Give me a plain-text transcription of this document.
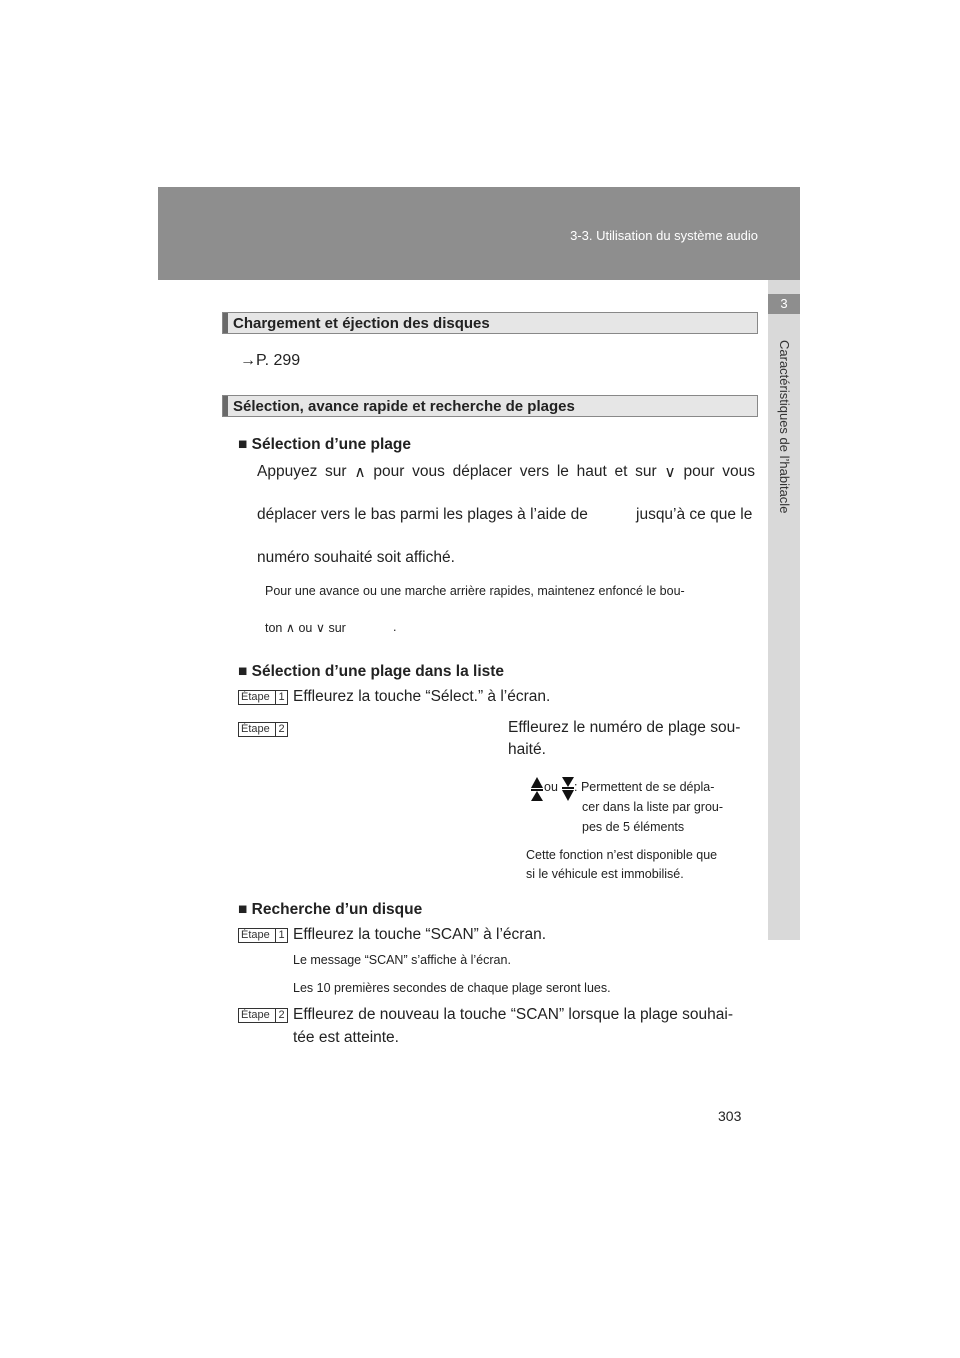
3-3. Utilisation du système audio
3
Caractéristiques de l’habitacle
Chargement et éjection des disques
→P. 299
Sélection, avance rapide et recherche de plages
■ Sélection d’une plage
Appuyez sur ∧ pour vous déplacer vers le haut et sur ∨ pour vous
déplacer vers le bas parmi les plages à l’aide de	jusqu’à ce que le
numéro souhaité soit affiché.
Pour une avance ou une marche arrière rapides, maintenez enfoncé le bou-
ton ∧ ou ∨ sur	.
■ Sélection d’une plage dans la liste
Étape 1 Effleurez la touche “Sélect.” à l’écran.
Étape 2	Effleurez le numéro de plage sou-
haité.
ou : Permettent de se dépla-
cer dans la liste par grou-
pes de 5 éléments
Cette fonction n’est disponible que
si le véhicule est immobilisé.
■ Recherche d’un disque
Étape 1 Effleurez la touche “SCAN” à l’écran.
Le message “SCAN” s’affiche à l’écran.
Les 10 premières secondes de chaque plage seront lues.
Étape 2 Effleurez de nouveau la touche “SCAN” lorsque la plage souhai-
tée est atteinte.
303
